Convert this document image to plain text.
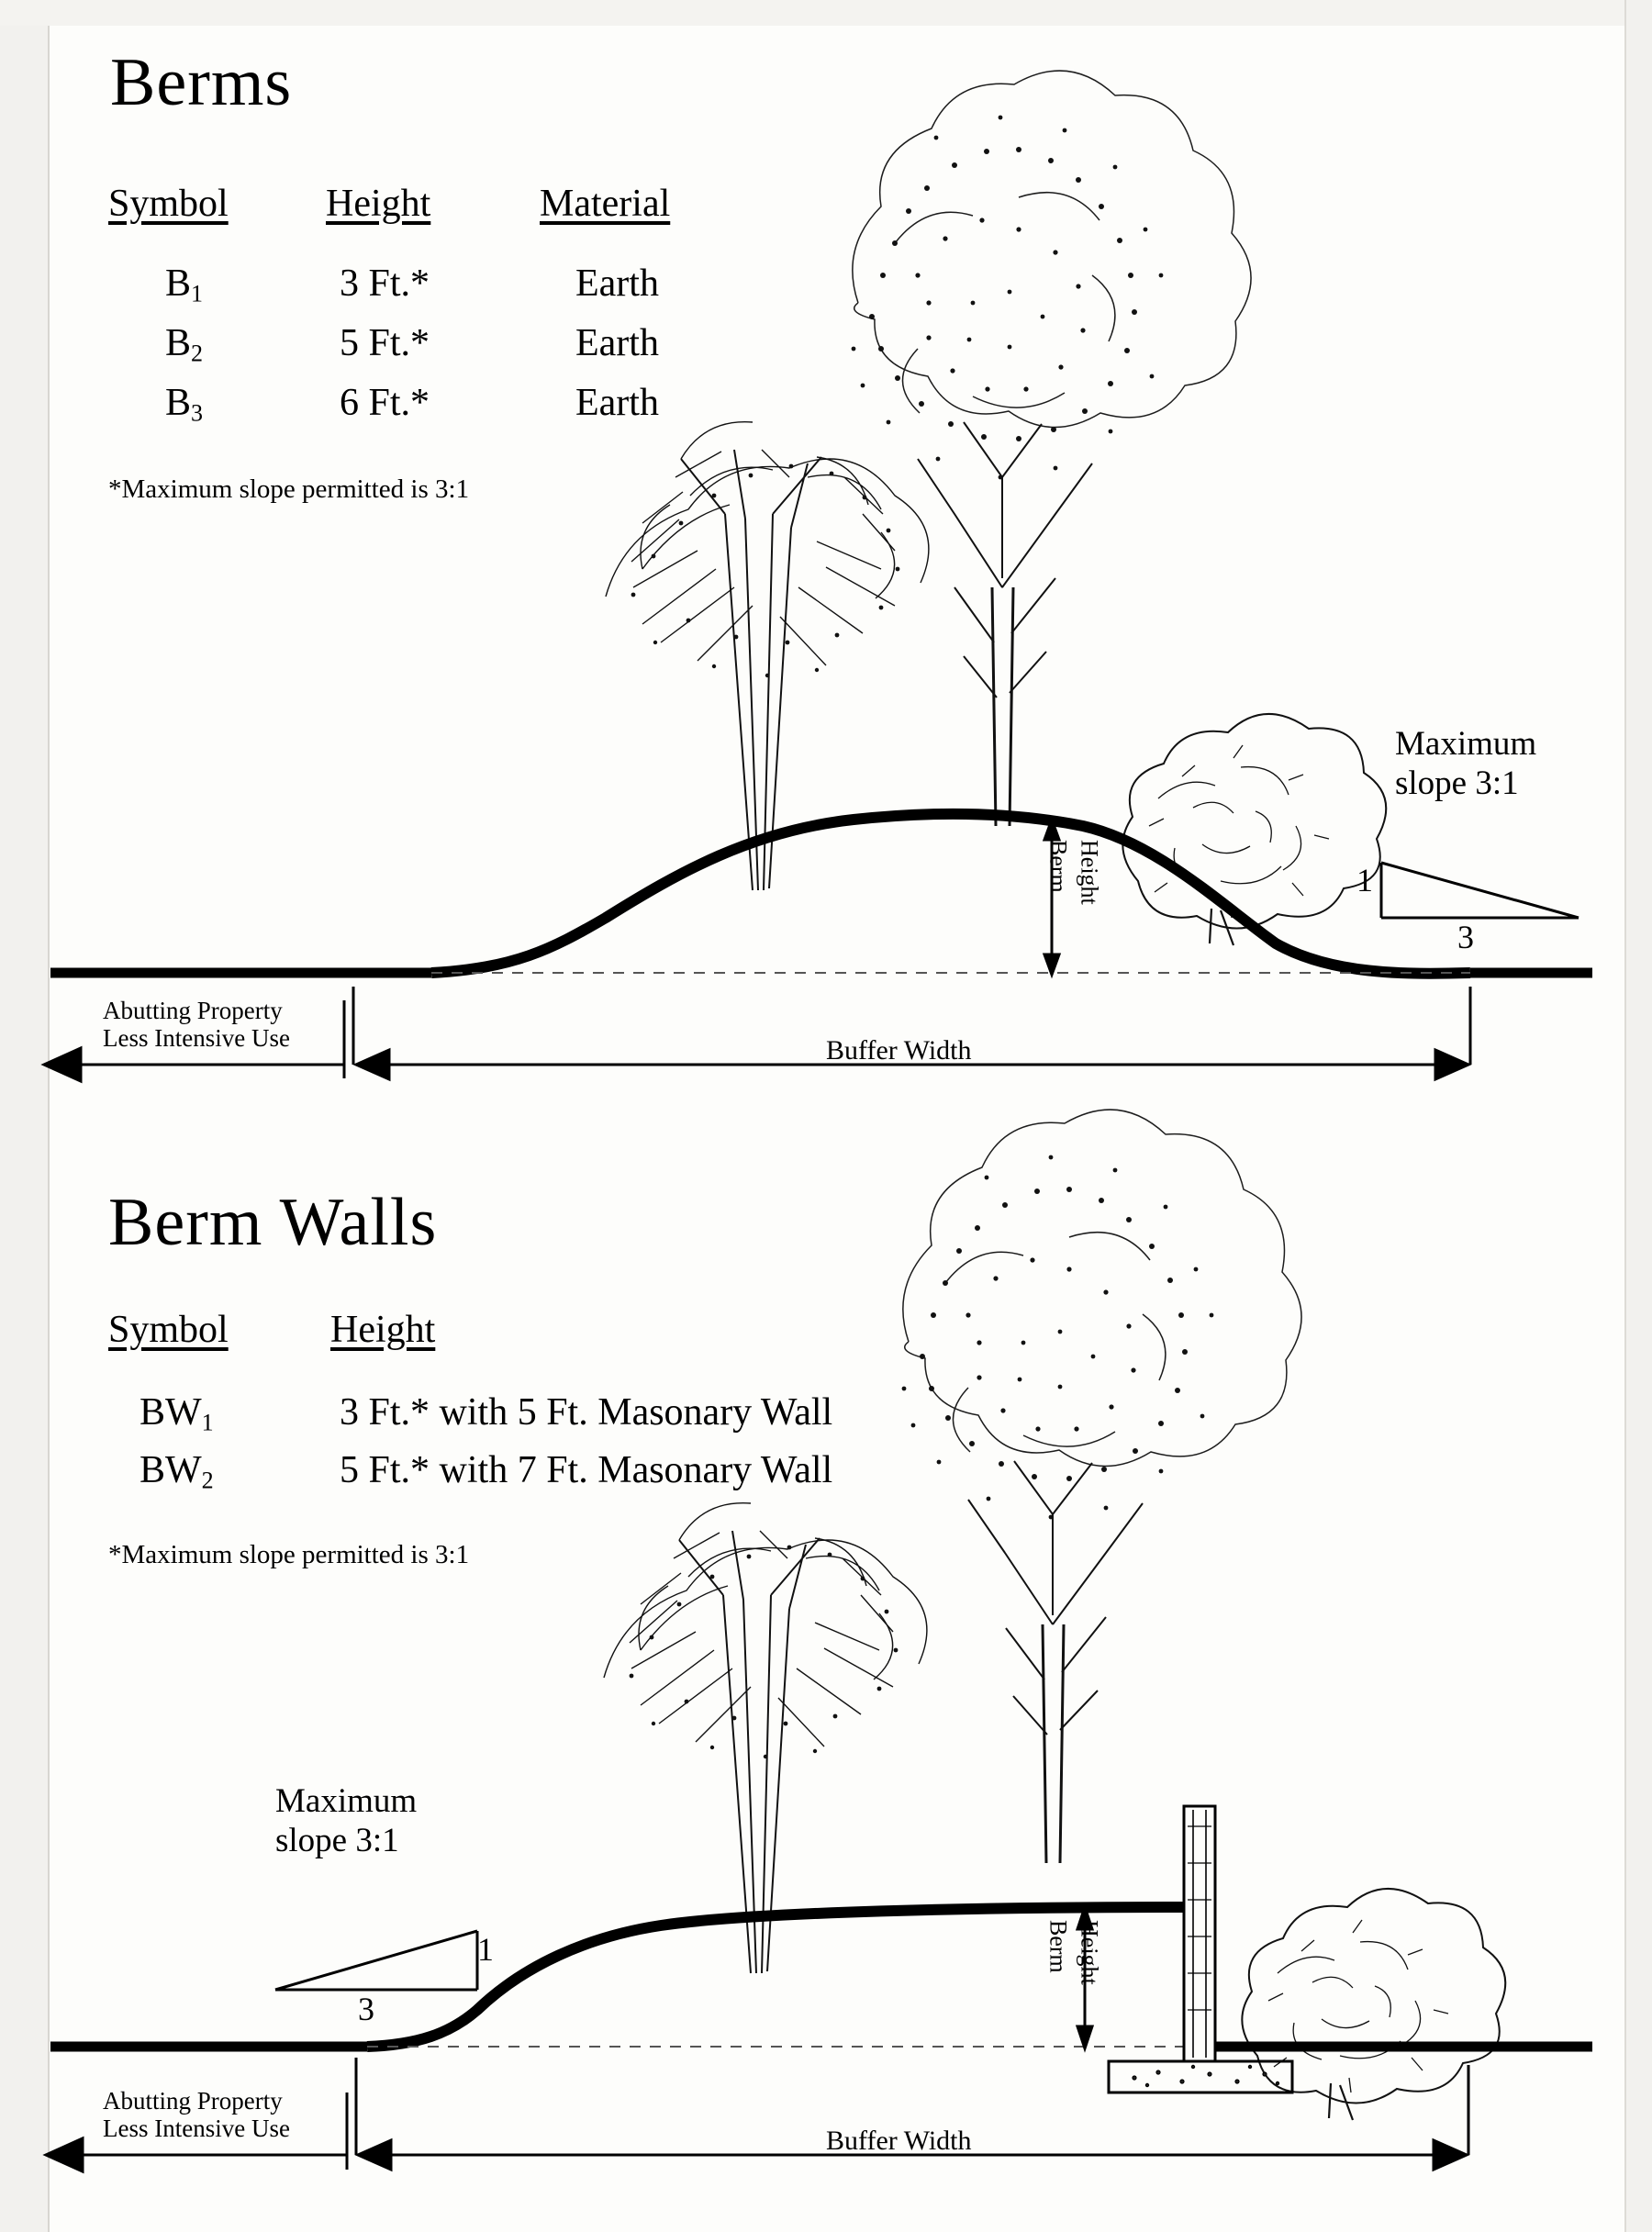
Berms
Symbol	Height	Material
$B_1$	3 Ft.*	Earth
$B_2$	5 Ft.*	Earth
$B_3$	6 Ft.*	Earth
*Maximum slope permitted is 3:1
Maximum
slope 3:1
1
3
Berm Height
Abutting Property
Less Intensive Use	Buffer Width
Berm Walls
Symbol	Height
$BW_1$	3 Ft.* with 5 Ft. Masonary Wall
$BW_2$	5 Ft.* with 7 Ft. Masonary Wall
*Maximum slope permitted is 3:1
Maximum
slope 3:1
1
3
Berm Height
Abutting Property
Less Intensive Use	Buffer Width
